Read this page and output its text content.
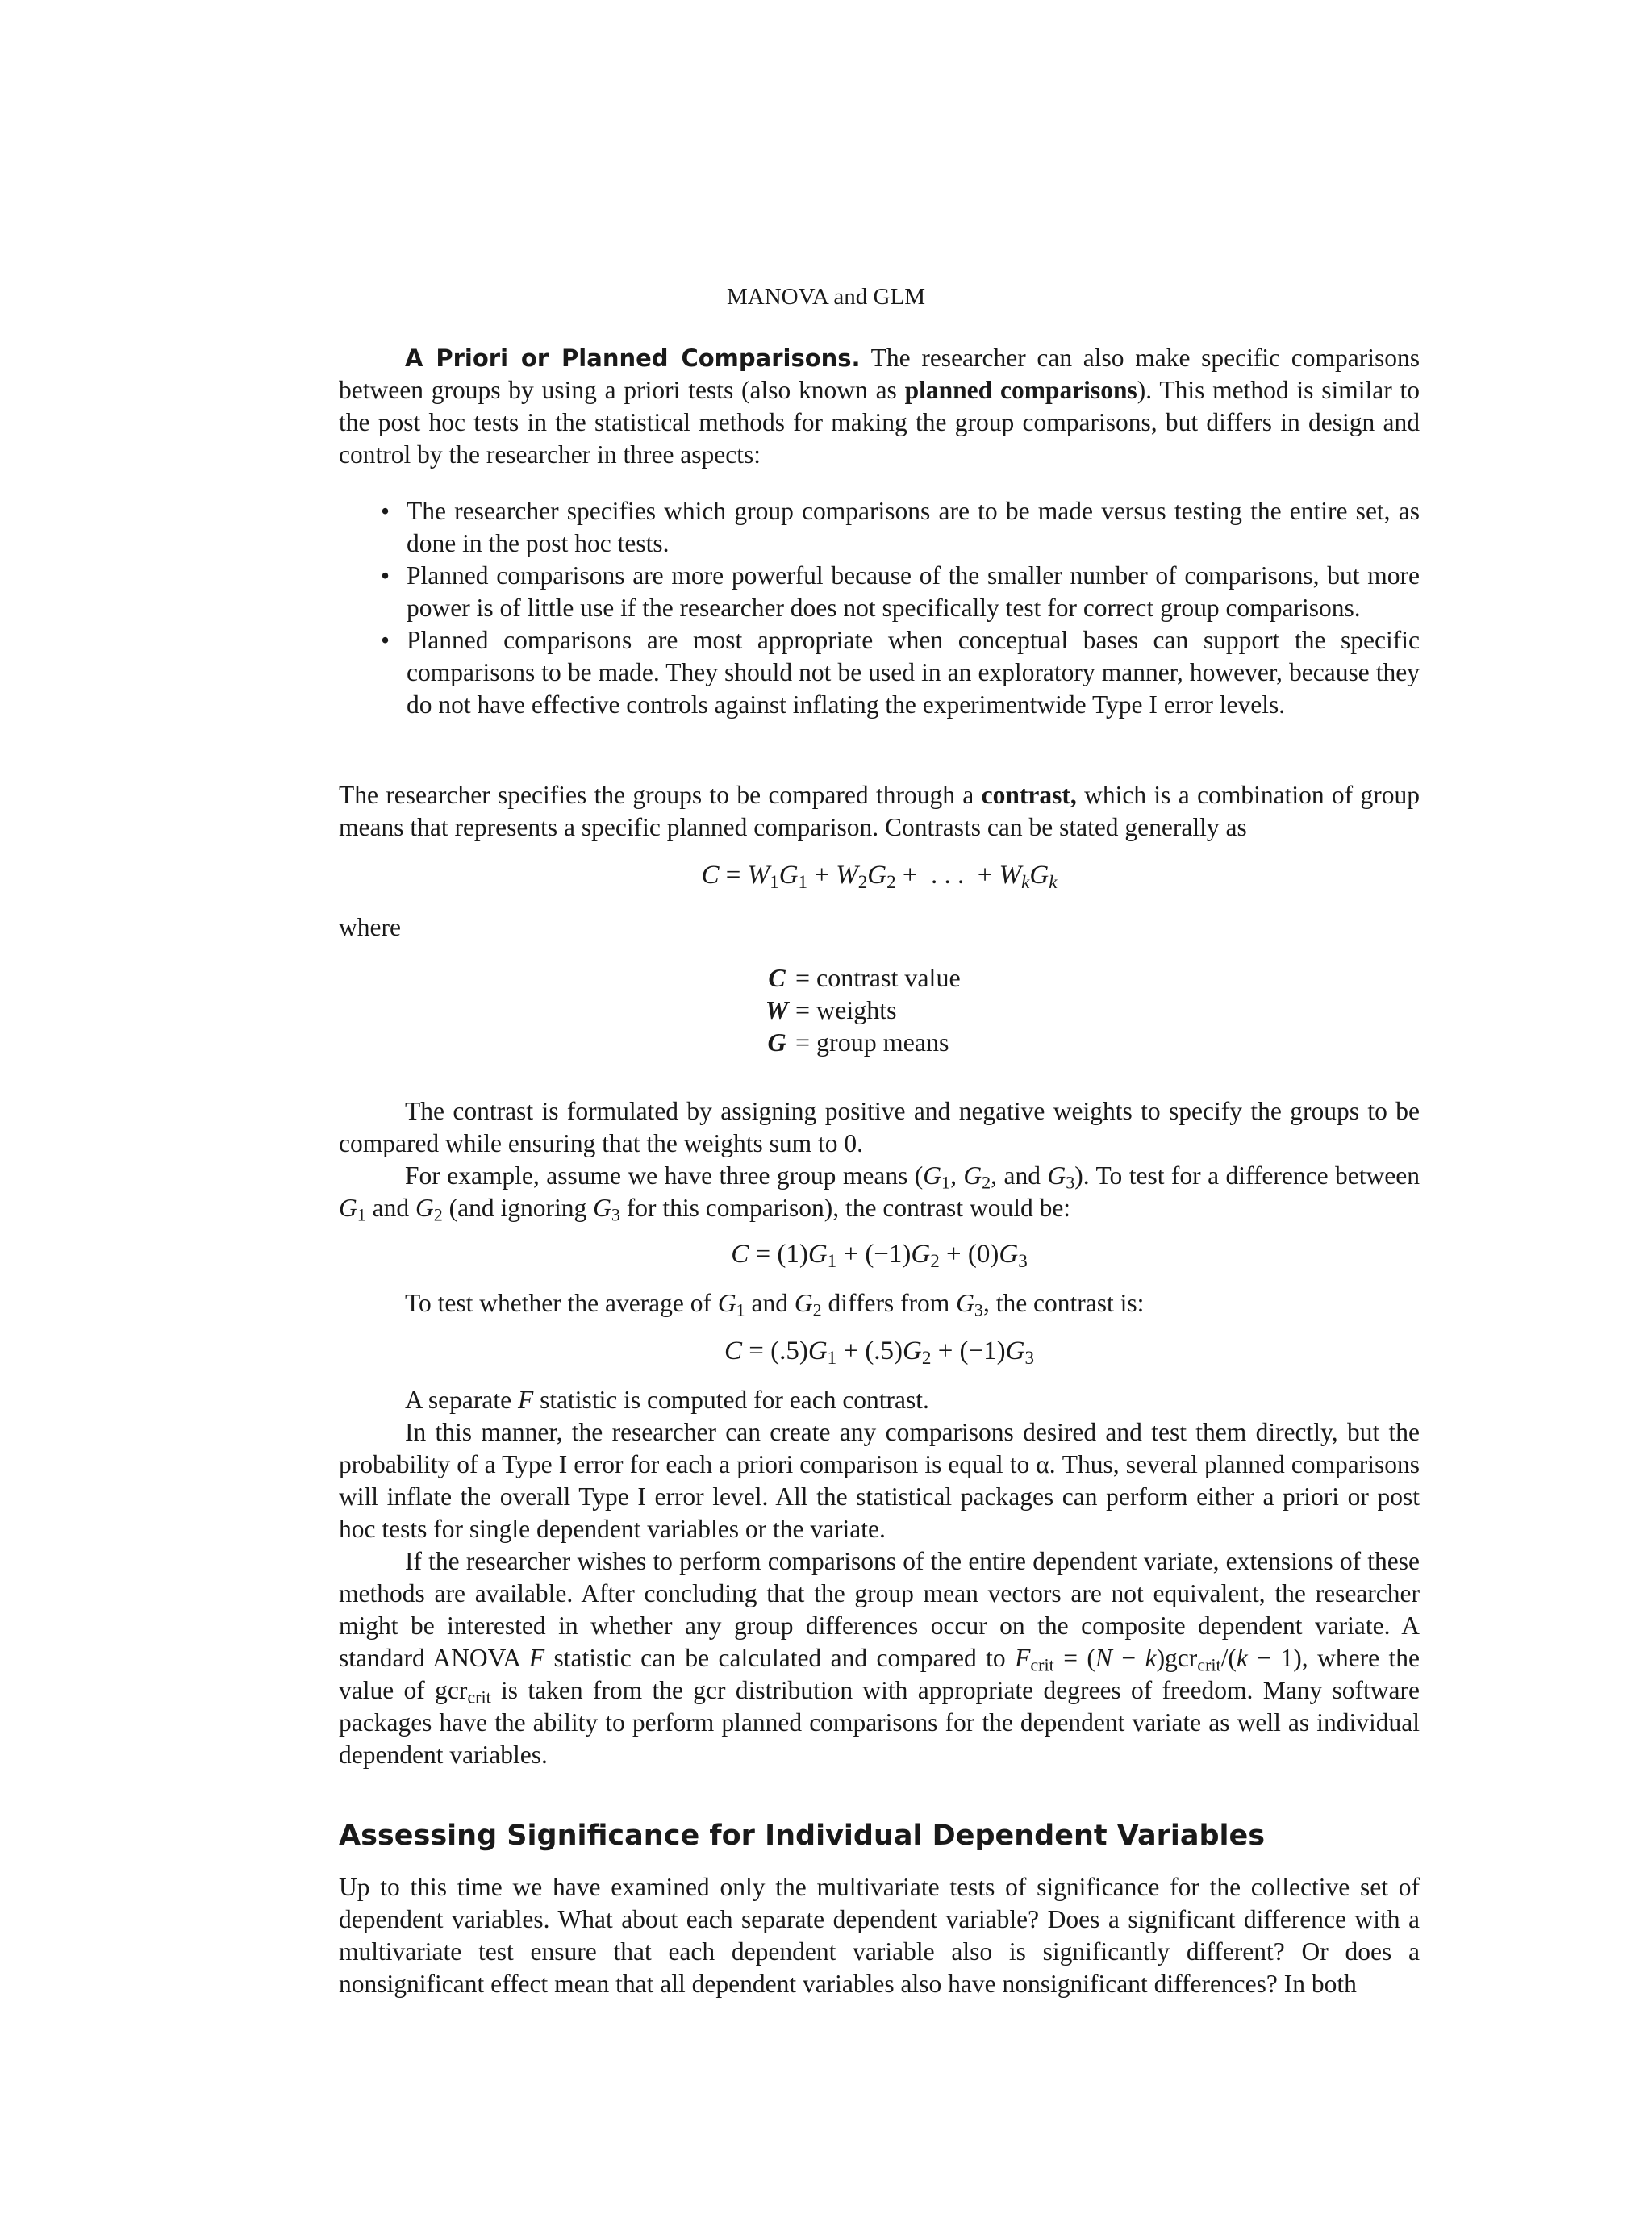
MANOVA and GLM

A Priori or Planned Comparisons. The researcher can also make specific comparisons between groups by using a priori tests (also known as planned comparisons). This method is similar to the post hoc tests in the statistical methods for making the group comparisons, but differs in design and control by the researcher in three aspects:

• The researcher specifies which group comparisons are to be made versus testing the entire set, as done in the post hoc tests.
• Planned comparisons are more powerful because of the smaller number of comparisons, but more power is of little use if the researcher does not specifically test for correct group comparisons.
• Planned comparisons are most appropriate when conceptual bases can support the specific comparisons to be made. They should not be used in an exploratory manner, however, because they do not have effective controls against inflating the experimentwide Type I error levels.

The researcher specifies the groups to be compared through a contrast, which is a combination of group means that represents a specific planned comparison. Contrasts can be stated generally as

$C = W_1G_1 + W_2G_2$ +  . . .  + $W_kG_k$
where
C = contrast value
W = weights
G = group means

The contrast is formulated by assigning positive and negative weights to specify the groups to be compared while ensuring that the weights sum to 0.

For example, assume we have three group means ($G_1$, $G_2$, and $G_3$). To test for a difference between $G_1$ and $G_2$ (and ignoring $G_3$ for this comparison), the contrast would be:

$C = (1)G_1 + (-1)G_2 + (0)G_3$

To test whether the average of $G_1$ and $G_2$ differs from $G_3$, the contrast is:

$C = (.5)G_1 + (.5)G_2 + (-1)G_3$

A separate F statistic is computed for each contrast.

In this manner, the researcher can create any comparisons desired and test them directly, but the probability of a Type I error for each a priori comparison is equal to α. Thus, several planned comparisons will inflate the overall Type I error level. All the statistical packages can perform either a priori or post hoc tests for single dependent variables or the variate.

If the researcher wishes to perform comparisons of the entire dependent variate, extensions of these methods are available. After concluding that the group mean vectors are not equivalent, the researcher might be interested in whether any group differences occur on the composite dependent variate. A standard ANOVA F statistic can be calculated and compared to $F_{crit} = (N - k)gcr_{crit}/(k - 1)$, where the value of gcr$_{crit}$ is taken from the gcr distribution with appropriate degrees of freedom. Many software packages have the ability to perform planned comparisons for the dependent variate as well as individual dependent variables.

Assessing Significance for Individual Dependent Variables

Up to this time we have examined only the multivariate tests of significance for the collective set of dependent variables. What about each separate dependent variable? Does a significant difference with a multivariate test ensure that each dependent variable also is significantly different? Or does a nonsignificant effect mean that all dependent variables also have nonsignificant differences? In both
